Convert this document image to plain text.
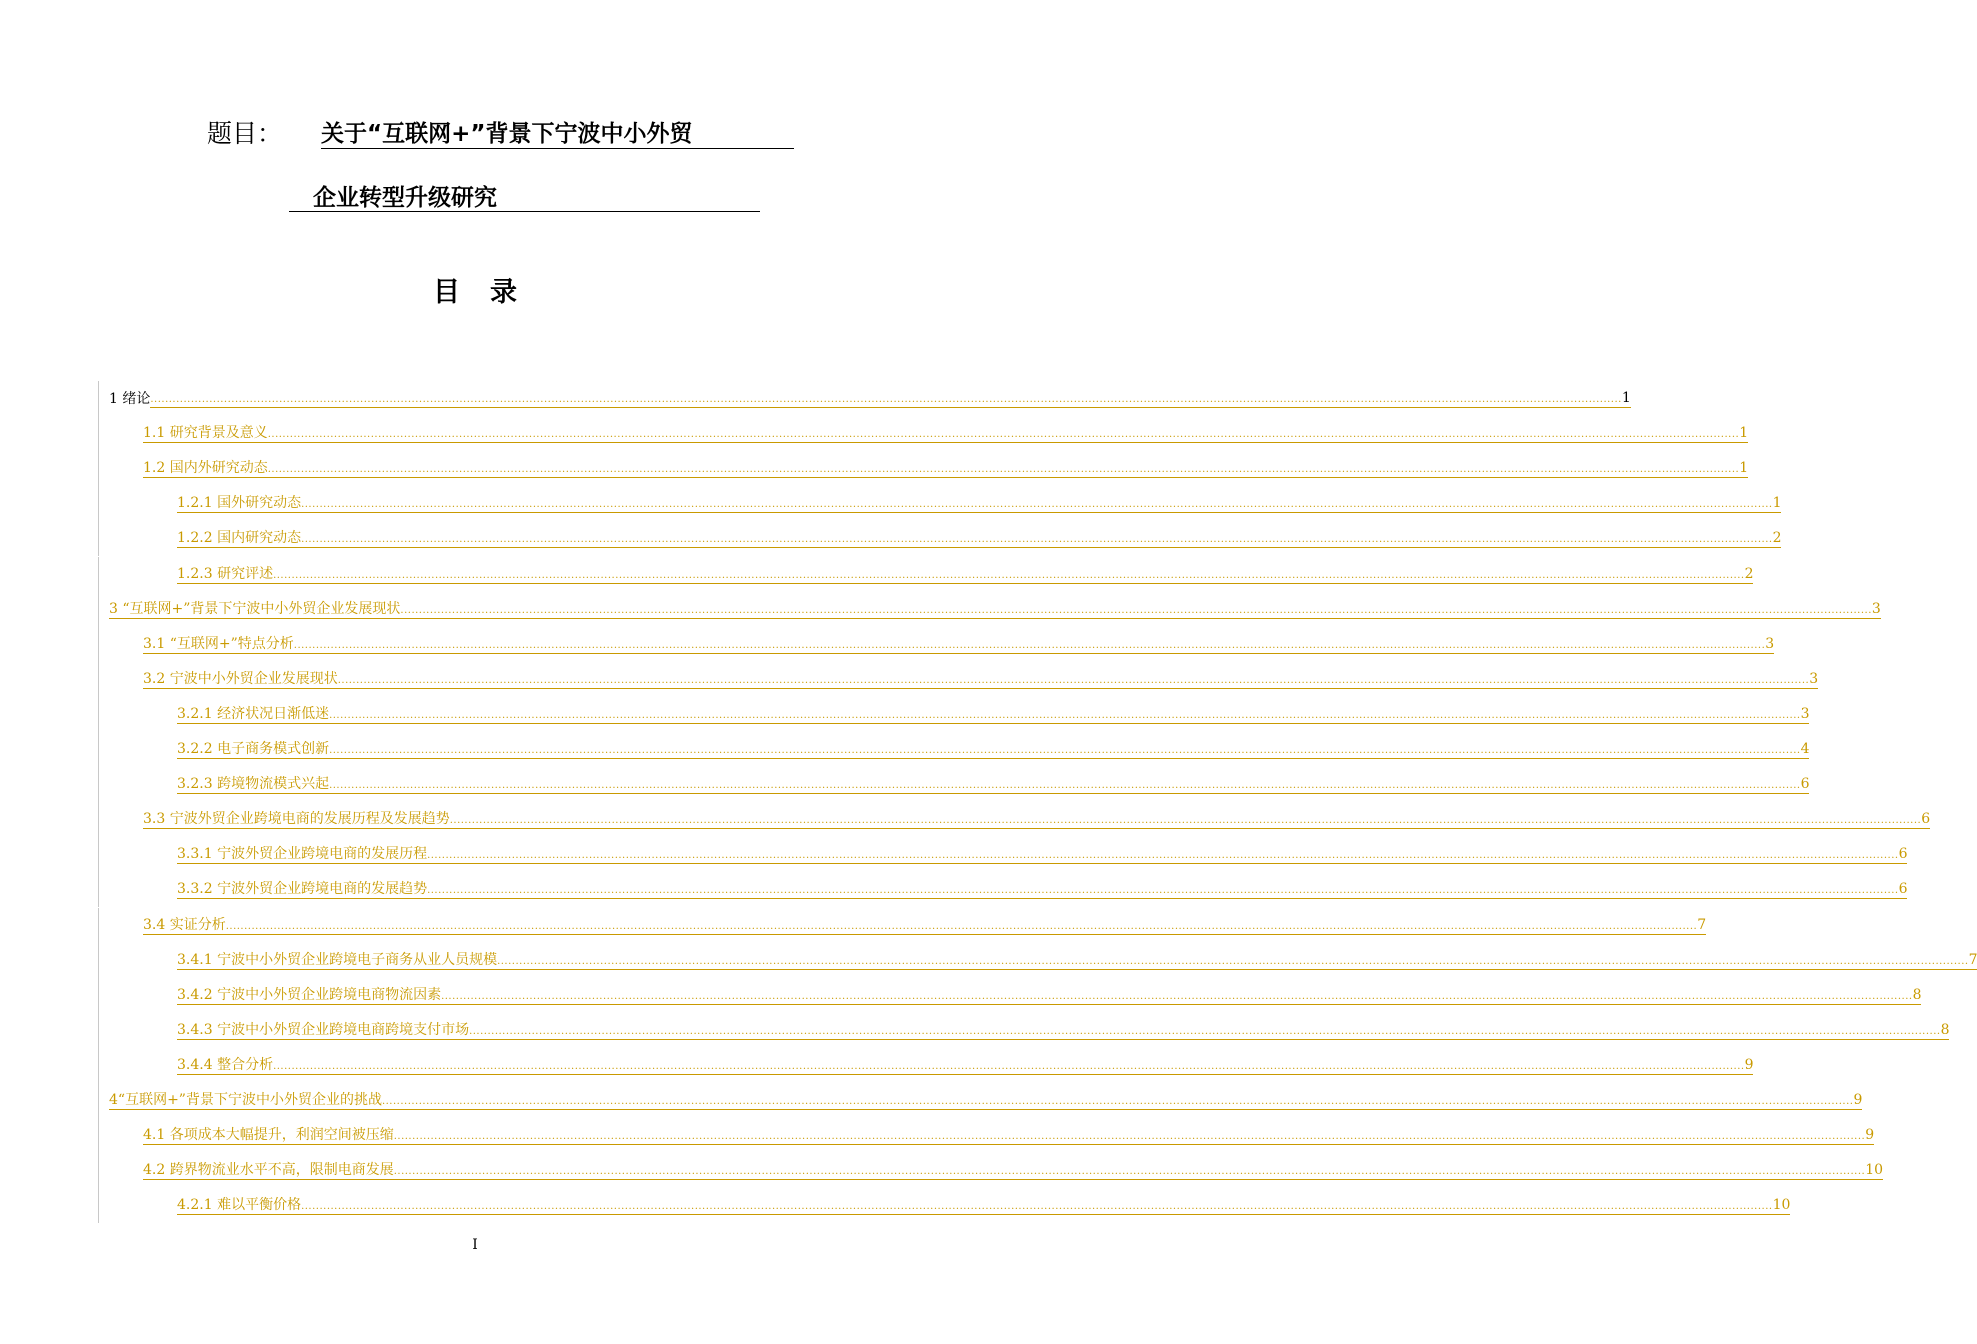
题目： 关于“互联网+”背景下宁波中小外贸
企业转型升级研究
目录
1 绪论 ................................................................................................................................................................................................................................................................................................................................................................................................................ 1
1.1 研究背景及意义 ................................................................................................................................................................................................................................................................................................................................................................................................................ 1
1.2 国内外研究动态 ................................................................................................................................................................................................................................................................................................................................................................................................................ 1
1.2.1 国外研究动态 ................................................................................................................................................................................................................................................................................................................................................................................................................ 1
1.2.2 国内研究动态 ................................................................................................................................................................................................................................................................................................................................................................................................................ 2
1.2.3 研究评述 ................................................................................................................................................................................................................................................................................................................................................................................................................ 2
3 “互联网+”背景下宁波中小外贸企业发展现状 ................................................................................................................................................................................................................................................................................................................................................................................................................ 3
3.1 “互联网+”特点分析 ................................................................................................................................................................................................................................................................................................................................................................................................................ 3
3.2 宁波中小外贸企业发展现状 ................................................................................................................................................................................................................................................................................................................................................................................................................ 3
3.2.1 经济状况日渐低迷 ................................................................................................................................................................................................................................................................................................................................................................................................................ 3
3.2.2 电子商务模式创新 ................................................................................................................................................................................................................................................................................................................................................................................................................ 4
3.2.3 跨境物流模式兴起 ................................................................................................................................................................................................................................................................................................................................................................................................................ 6
3.3 宁波外贸企业跨境电商的发展历程及发展趋势 ................................................................................................................................................................................................................................................................................................................................................................................................................ 6
3.3.1 宁波外贸企业跨境电商的发展历程 ................................................................................................................................................................................................................................................................................................................................................................................................................ 6
3.3.2 宁波外贸企业跨境电商的发展趋势 ................................................................................................................................................................................................................................................................................................................................................................................................................ 6
3.4 实证分析 ................................................................................................................................................................................................................................................................................................................................................................................................................ 7
3.4.1 宁波中小外贸企业跨境电子商务从业人员规模 ................................................................................................................................................................................................................................................................................................................................................................................................................ 7
3.4.2 宁波中小外贸企业跨境电商物流因素 ................................................................................................................................................................................................................................................................................................................................................................................................................ 8
3.4.3 宁波中小外贸企业跨境电商跨境支付市场 ................................................................................................................................................................................................................................................................................................................................................................................................................ 8
3.4.4 整合分析 ................................................................................................................................................................................................................................................................................................................................................................................................................ 9
4“互联网+”背景下宁波中小外贸企业的挑战 ................................................................................................................................................................................................................................................................................................................................................................................................................ 9
4.1 各项成本大幅提升，利润空间被压缩 ................................................................................................................................................................................................................................................................................................................................................................................................................ 9
4.2 跨界物流业水平不高，限制电商发展 ................................................................................................................................................................................................................................................................................................................................................................................................................ 10
4.2.1 难以平衡价格 ................................................................................................................................................................................................................................................................................................................................................................................................................ 10
I
